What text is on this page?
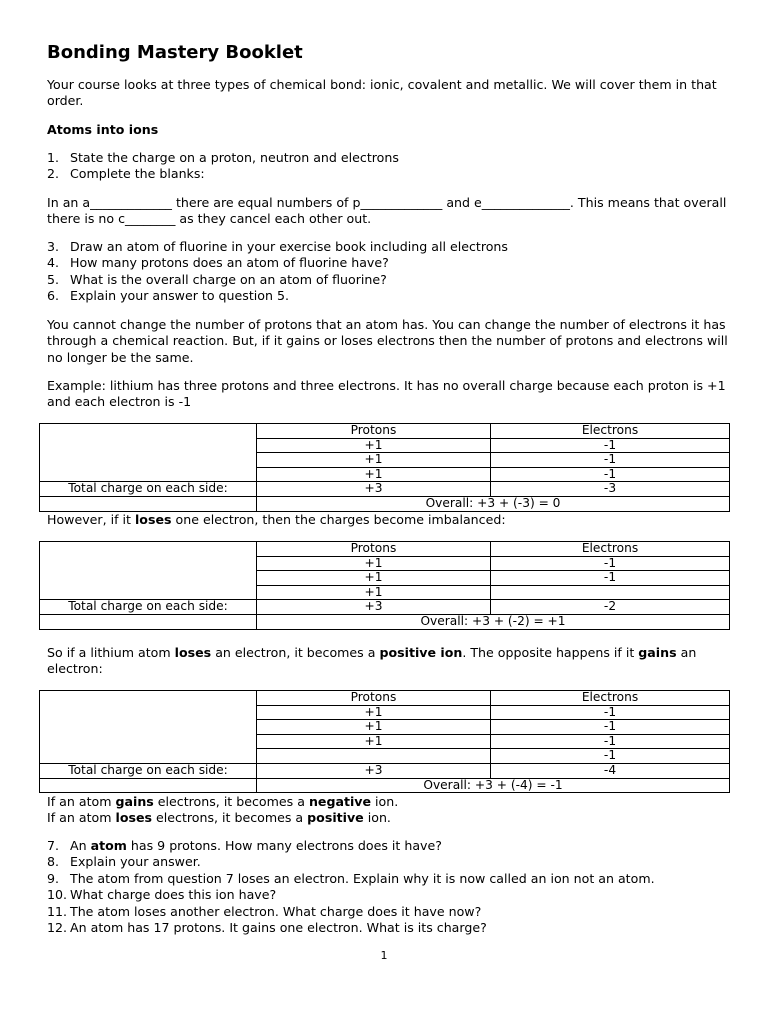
Bonding Mastery Booklet

Your course looks at three types of chemical bond: ionic, covalent and metallic. We will cover them in that order.

Atoms into ions

1. State the charge on a proton, neutron and electrons
2. Complete the blanks:

In an a_____________ there are equal numbers of p_____________ and e______________. This means that overall there is no c________ as they cancel each other out.

3. Draw an atom of fluorine in your exercise book including all electrons
4. How many protons does an atom of fluorine have?
5. What is the overall charge on an atom of fluorine?
6. Explain your answer to question 5.

You cannot change the number of protons that an atom has. You can change the number of electrons it has through a chemical reaction. But, if it gains or loses electrons then the number of protons and electrons will no longer be the same.

Example: lithium has three protons and three electrons. It has no overall charge because each proton is +1 and each electron is -1

	Protons	Electrons
	+1	-1
	+1	-1
	+1	-1
Total charge on each side:	+3	-3
	Overall: +3 + (-3) = 0	

However, if it loses one electron, then the charges become imbalanced:

	Protons	Electrons
	+1	-1
	+1	-1
	+1	
Total charge on each side:	+3	-2
	Overall: +3 + (-2) = +1	

So if a lithium atom loses an electron, it becomes a positive ion. The opposite happens if it gains an electron:

	Protons	Electrons
	+1	-1
	+1	-1
	+1	-1
		-1
Total charge on each side:	+3	-4
	Overall: +3 + (-4) = -1	

If an atom gains electrons, it becomes a negative ion.

If an atom loses electrons, it becomes a positive ion.

7. An atom has 9 protons. How many electrons does it have?
8. Explain your answer.
9. The atom from question 7 loses an electron. Explain why it is now called an ion not an atom.
10. What charge does this ion have?
11. The atom loses another electron. What charge does it have now?
12. An atom has 17 protons. It gains one electron. What is its charge?
1
